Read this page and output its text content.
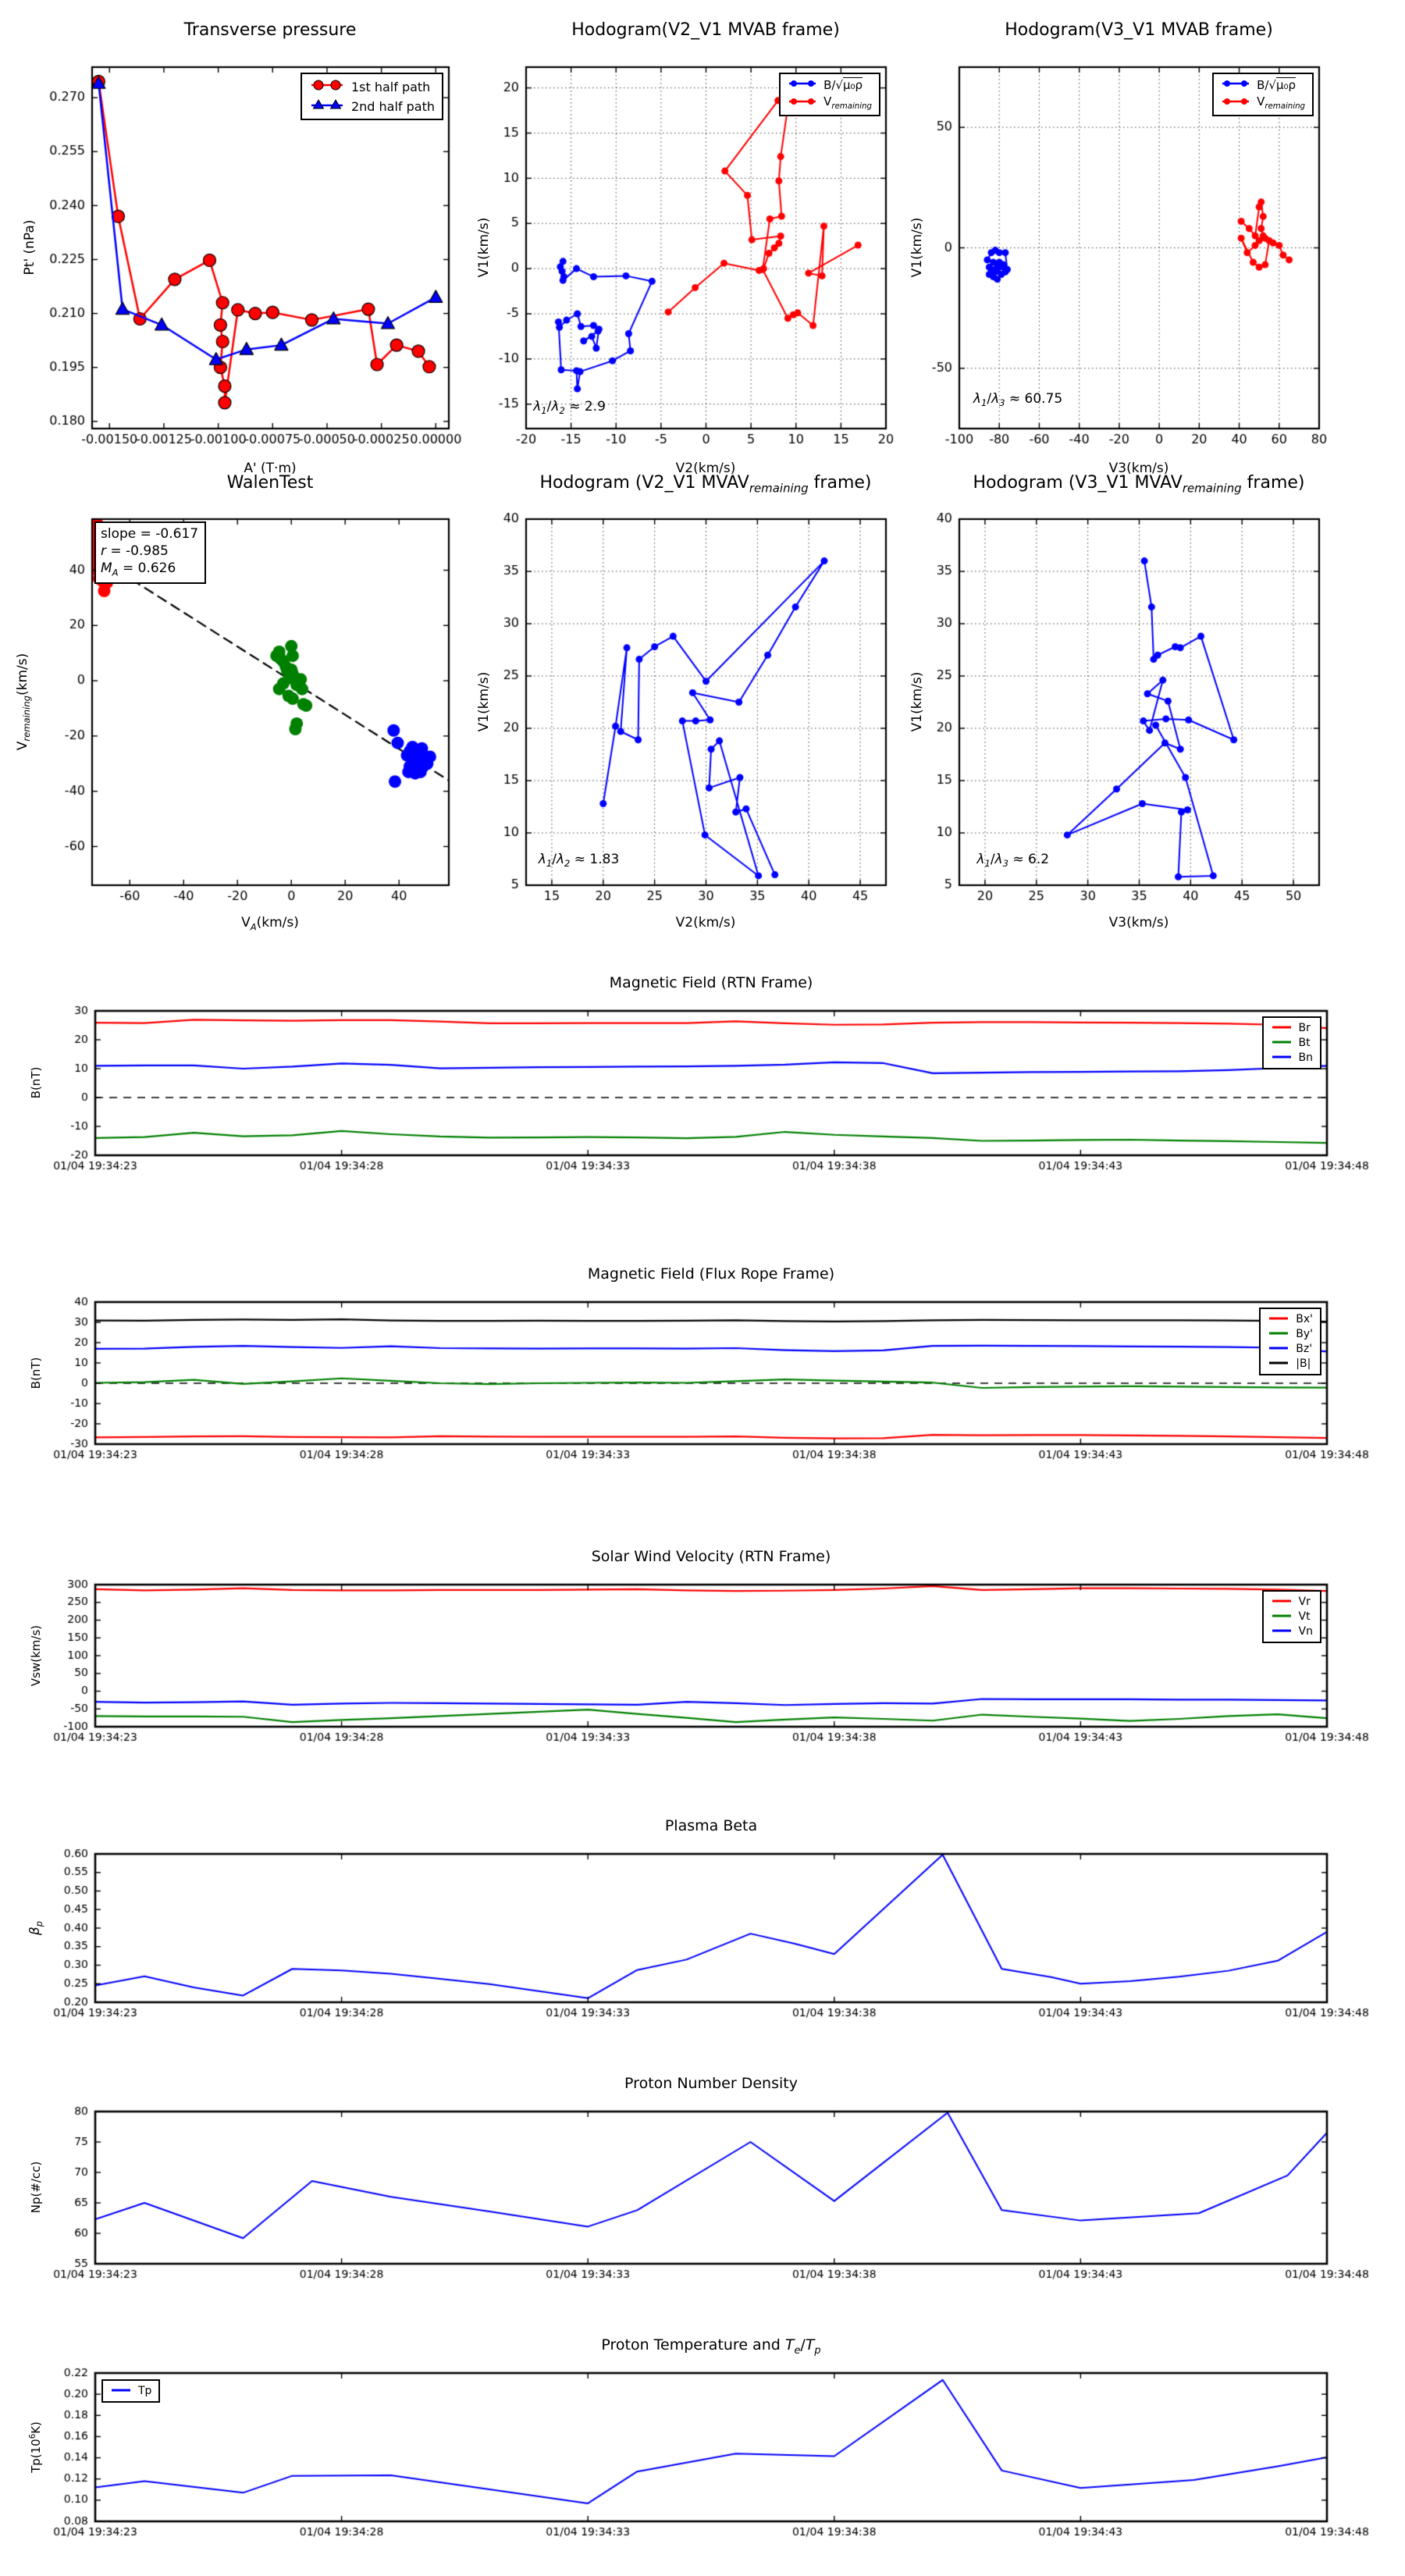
Transverse pressure	Hodogram(V2_V1 MVAB frame)	Hodogram(V3_V1 MVAB frame)
WalenTest	Hodogram (V2_V1 $MVAV_{remaining}$ frame)	Hodogram (V3_V1 $MVAV_{remaining}$ frame)
Magnetic Field (RTN Frame)
Magnetic Field (Flux Rope Frame)
Solar Wind Velocity (RTN Frame)
Plasma Beta
Proton Number Density
Proton Temperature and $T_e/T_p$
A' (T·m)	V2(km/s)	V3(km/s)
$V_A(km/s)$	V2(km/s)	V3(km/s)
Pt' (nPa)	V1(km/s)	V1(km/s)
$V_{remaining}(km/s)$	V1(km/s)	V1(km/s)
B(nT)
B(nT)
Vsw(km/s)
$\beta_p$
Np(#/cc)
$Tp(10^6K)$
1st half path
2nd half path
B/√μ₀ρ
$V_{remaining}$
B/√μ₀ρ
$V_{remaining}$
Br
Bt
Bn
Bx'
By'
Bz'
|B|
Vr
Vt
Vn
Tp
$\lambda_1/\lambda_2 \approx 2.9$
$\lambda_1/\lambda_3 \approx 60.75$
$\lambda_1/\lambda_2 \approx 1.83$	$\lambda_1/\lambda_3 \approx 6.2$
slope = -0.617
r = -0.985
$M_A = 0.626$
